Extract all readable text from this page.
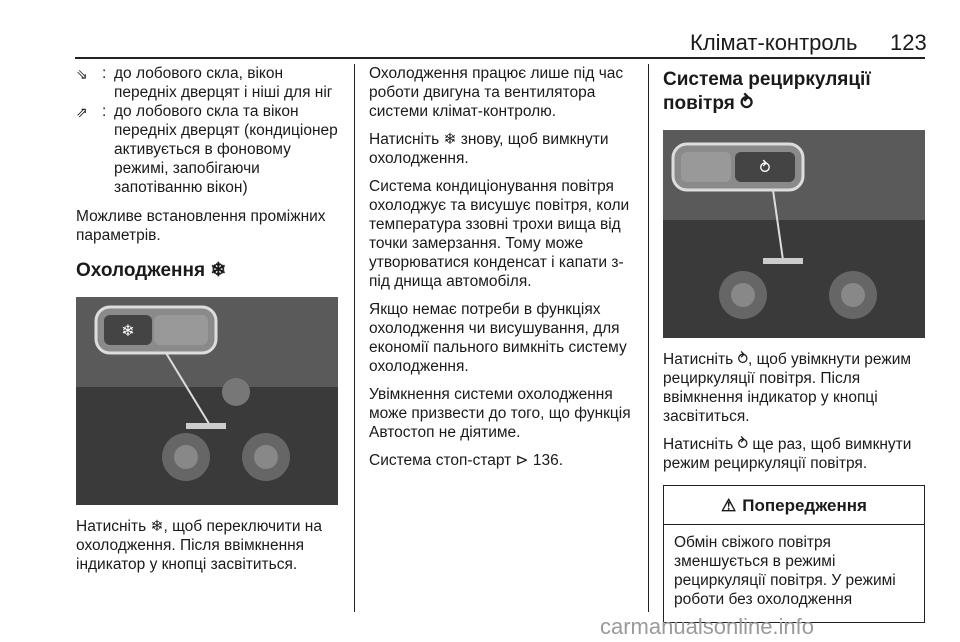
Клімат-контроль 123
⇘ : до лобового скла, вікон передніх дверцят і ніші для ніг
⇗ : до лобового скла та вікон передніх дверцят (кондиціонер активується в фоновому режимі, запобігаючи запотіванню вікон)

Можливе встановлення проміжних параметрів.

Охолодження ❄
❄

Натисніть ❄, щоб переключити на охолодження. Після ввімкнення індикатор у кнопці засвітиться.

Охолодження працює лише під час роботи двигуна та вентилятора системи клімат-контролю.

Натисніть ❄ знову, щоб вимкнути охолодження.

Система кондиціонування повітря охолоджує та висушує повітря, коли температура ззовні трохи вища від точки замерзання. Тому може утворюватися конденсат і капати з-під днища автомобіля.

Якщо немає потреби в функціях охолодження чи висушування, для економії пального вимкніть систему охолодження.

Увімкнення системи охолодження може призвести до того, що функція Автостоп не діятиме.

Система стоп-старт ⊳ 136.

Система рециркуляції повітря ⥁
⥁

Натисніть ⥁, щоб увімкнути режим рециркуляції повітря. Після ввімкнення індикатор у кнопці засвітиться.

Натисніть ⥁ ще раз, щоб вимкнути режим рециркуляції повітря.

⚠ Попередження
Обмін свіжого повітря зменшується в режимі рециркуляції повітря. У режимі роботи без охолодження
carmanualsonline.info
